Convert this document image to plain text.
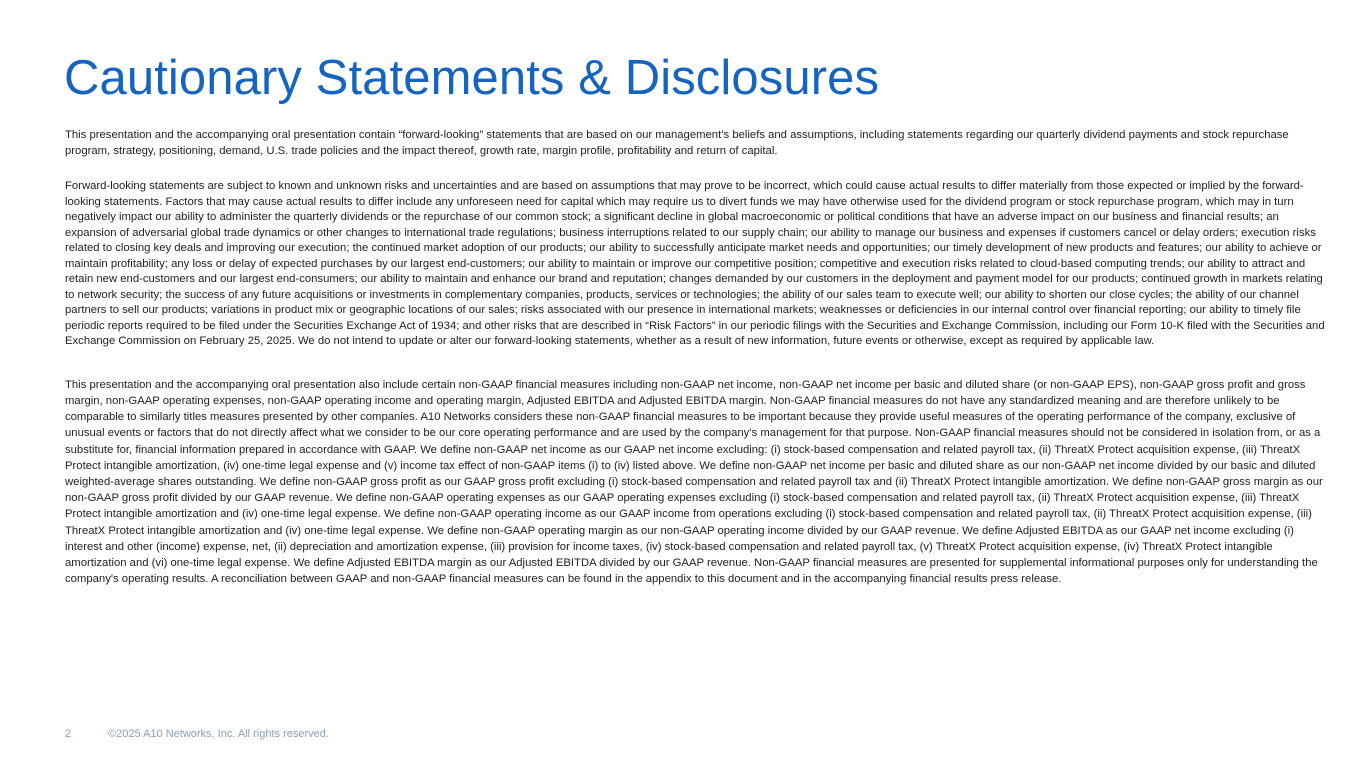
Cautionary Statements & Disclosures

This presentation and the accompanying oral presentation contain “forward-looking” statements that are based on our management’s beliefs and assumptions, including statements regarding our quarterly dividend payments and stock repurchase program, strategy, positioning, demand, U.S. trade policies and the impact thereof, growth rate, margin profile, profitability and return of capital.

Forward-looking statements are subject to known and unknown risks and uncertainties and are based on assumptions that may prove to be incorrect, which could cause actual results to differ materially from those expected or implied by the forward-looking statements. Factors that may cause actual results to differ include any unforeseen need for capital which may require us to divert funds we may have otherwise used for the dividend program or stock repurchase program, which may in turn negatively impact our ability to administer the quarterly dividends or the repurchase of our common stock; a significant decline in global macroeconomic or political conditions that have an adverse impact on our business and financial results; an expansion of adversarial global trade dynamics or other changes to international trade regulations; business interruptions related to our supply chain; our ability to manage our business and expenses if customers cancel or delay orders; execution risks related to closing key deals and improving our execution; the continued market adoption of our products; our ability to successfully anticipate market needs and opportunities; our timely development of new products and features; our ability to achieve or maintain profitability; any loss or delay of expected purchases by our largest end-customers; our ability to maintain or improve our competitive position; competitive and execution risks related to cloud-based computing trends; our ability to attract and retain new end-customers and our largest end-consumers; our ability to maintain and enhance our brand and reputation; changes demanded by our customers in the deployment and payment model for our products; continued growth in markets relating to network security; the success of any future acquisitions or investments in complementary companies, products, services or technologies; the ability of our sales team to execute well; our ability to shorten our close cycles; the ability of our channel partners to sell our products; variations in product mix or geographic locations of our sales; risks associated with our presence in international markets; weaknesses or deficiencies in our internal control over financial reporting; our ability to timely file periodic reports required to be filed under the Securities Exchange Act of 1934; and other risks that are described in “Risk Factors” in our periodic filings with the Securities and Exchange Commission, including our Form 10-K filed with the Securities and Exchange Commission on February 25, 2025. We do not intend to update or alter our forward-looking statements, whether as a result of new information, future events or otherwise, except as required by applicable law.

This presentation and the accompanying oral presentation also include certain non-GAAP financial measures including non-GAAP net income, non-GAAP net income per basic and diluted share (or non-GAAP EPS), non-GAAP gross profit and gross margin, non-GAAP operating expenses, non-GAAP operating income and operating margin, Adjusted EBITDA and Adjusted EBITDA margin. Non-GAAP financial measures do not have any standardized meaning and are therefore unlikely to be comparable to similarly titles measures presented by other companies. A10 Networks considers these non-GAAP financial measures to be important because they provide useful measures of the operating performance of the company, exclusive of unusual events or factors that do not directly affect what we consider to be our core operating performance and are used by the company’s management for that purpose. Non-GAAP financial measures should not be considered in isolation from, or as a substitute for, financial information prepared in accordance with GAAP. We define non-GAAP net income as our GAAP net income excluding: (i) stock-based compensation and related payroll tax, (ii) ThreatX Protect acquisition expense, (iii) ThreatX Protect intangible amortization, (iv) one-time legal expense and (v) income tax effect of non-GAAP items (i) to (iv) listed above. We define non-GAAP net income per basic and diluted share as our non-GAAP net income divided by our basic and diluted weighted-average shares outstanding. We define non-GAAP gross profit as our GAAP gross profit excluding (i) stock-based compensation and related payroll tax and (ii) ThreatX Protect intangible amortization. We define non-GAAP gross margin as our non-GAAP gross profit divided by our GAAP revenue. We define non-GAAP operating expenses as our GAAP operating expenses excluding (i) stock-based compensation and related payroll tax, (ii) ThreatX Protect acquisition expense, (iii) ThreatX Protect intangible amortization and (iv) one-time legal expense. We define non-GAAP operating income as our GAAP income from operations excluding (i) stock-based compensation and related payroll tax, (ii) ThreatX Protect acquisition expense, (iii) ThreatX Protect intangible amortization and (iv) one-time legal expense. We define non-GAAP operating margin as our non-GAAP operating income divided by our GAAP revenue. We define Adjusted EBITDA as our GAAP net income excluding (i) interest and other (income) expense, net, (ii) depreciation and amortization expense, (iii) provision for income taxes, (iv) stock-based compensation and related payroll tax, (v) ThreatX Protect acquisition expense, (iv) ThreatX Protect intangible amortization and (vi) one-time legal expense. We define Adjusted EBITDA margin as our Adjusted EBITDA divided by our GAAP revenue. Non-GAAP financial measures are presented for supplemental informational purposes only for understanding the company's operating results. A reconciliation between GAAP and non-GAAP financial measures can be found in the appendix to this document and in the accompanying financial results press release.

2	©2025 A10 Networks, Inc. All rights reserved.
